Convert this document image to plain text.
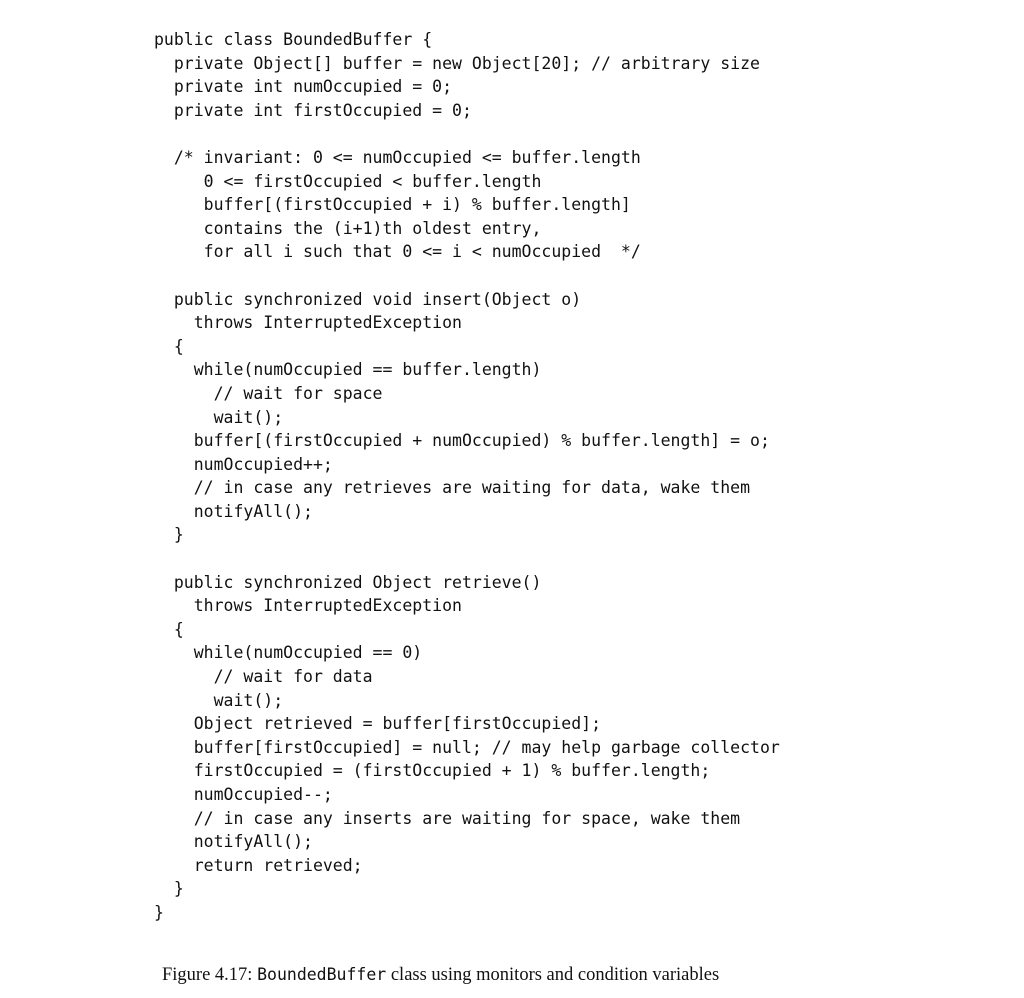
public class BoundedBuffer {
private Object[] buffer = new Object[20]; // arbitrary size
private int numOccupied = 0;
private int firstOccupied = 0;
/* invariant: 0 <= numOccupied <= buffer.length
0 <= firstOccupied < buffer.length
buffer[(firstOccupied + i) % buffer.length]
contains the (i+1)th oldest entry,
for all i such that 0 <= i < numOccupied  */
public synchronized void insert(Object o)
throws InterruptedException
{
while(numOccupied == buffer.length)
// wait for space
wait();
buffer[(firstOccupied + numOccupied) % buffer.length] = o;
numOccupied++;
// in case any retrieves are waiting for data, wake them
notifyAll();
}
public synchronized Object retrieve()
throws InterruptedException
{
while(numOccupied == 0)
// wait for data
wait();
Object retrieved = buffer[firstOccupied];
buffer[firstOccupied] = null; // may help garbage collector
firstOccupied = (firstOccupied + 1) % buffer.length;
numOccupied--;
// in case any inserts are waiting for space, wake them
notifyAll();
return retrieved;
}
}
Figure 4.17: BoundedBuffer class using monitors and condition variables
